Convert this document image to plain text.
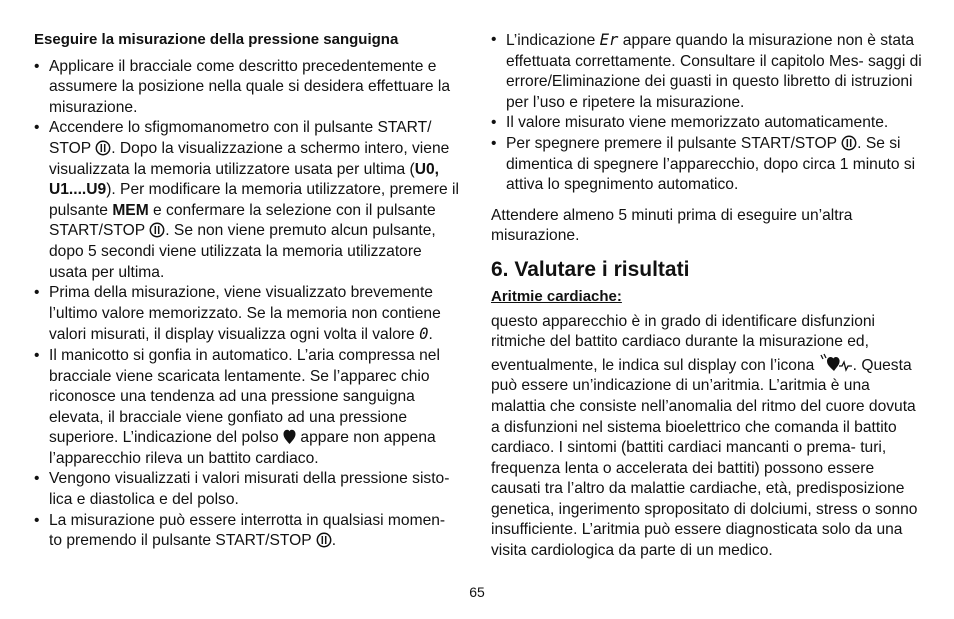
Eseguire la misurazione della pressione sanguigna

• Applicare il bracciale come descritto precedentemente e assumere la posizione nella quale si desidera effettuare la misurazione.
• Accendere lo sfigmomanometro con il pulsante START/ STOP . Dopo la visualizzazione a schermo intero, viene visualizzata la memoria utilizzatore usata per ultima (U0, U1....U9). Per modificare la memoria utilizzatore, premere il pulsante MEM e confermare la selezione con il pulsante START/STOP . Se non viene premuto alcun pulsante, dopo 5 secondi viene utilizzata la memoria utilizzatore usata per ultima.
• Prima della misurazione, viene visualizzato brevemente l’ultimo valore memorizzato. Se la memoria non contiene valori misurati, il display visualizza ogni volta il valore 0.
• Il manicotto si gonfia in automatico. L’aria compressa nel bracciale viene scaricata lentamente. Se l’apparec chio riconosce una tendenza ad una pressione sanguigna elevata, il bracciale viene gonfiato ad una pressione superiore. L’indicazione del polso appare non appena l’apparecchio rileva un battito cardiaco.
• Vengono visualizzati i valori misurati della pressione sisto- lica e diastolica e del polso.
• La misurazione può essere interrotta in qualsiasi momen- to premendo il pulsante START/STOP .
• L’indicazione Er appare quando la misurazione non è stata effettuata correttamente. Consultare il capitolo Mes- saggi di errore/Eliminazione dei guasti in questo libretto di istruzioni per l’uso e ripetere la misurazione.
• Il valore misurato viene memorizzato automaticamente.
• Per spegnere premere il pulsante START/STOP . Se si dimentica di spegnere l’apparecchio, dopo circa 1 minuto si attiva lo spegnimento automatico.

Attendere almeno 5 minuti prima di eseguire un’altra misurazione.

6. Valutare i risultati

Aritmie cardiache:

questo apparecchio è in grado di identificare disfunzioni ritmiche del battito cardiaco durante la misurazione ed, eventualmente, le indica sul display con l’icona . Questa può essere un’indicazione di un’aritmia. L’aritmia è una malattia che consiste nell’anomalia del ritmo del cuore dovuta a disfunzioni nel sistema bioelettrico che comanda il battito cardiaco. I sintomi (battiti cardiaci mancanti o prema- turi, frequenza lenta o accelerata dei battiti) possono essere causati tra l’altro da malattie cardiache, età, predisposizione genetica, ingerimento spropositato di dolciumi, stress o sonno insufficiente. L’aritmia può essere diagnosticata solo da una visita cardiologica da parte di un medico.

65
